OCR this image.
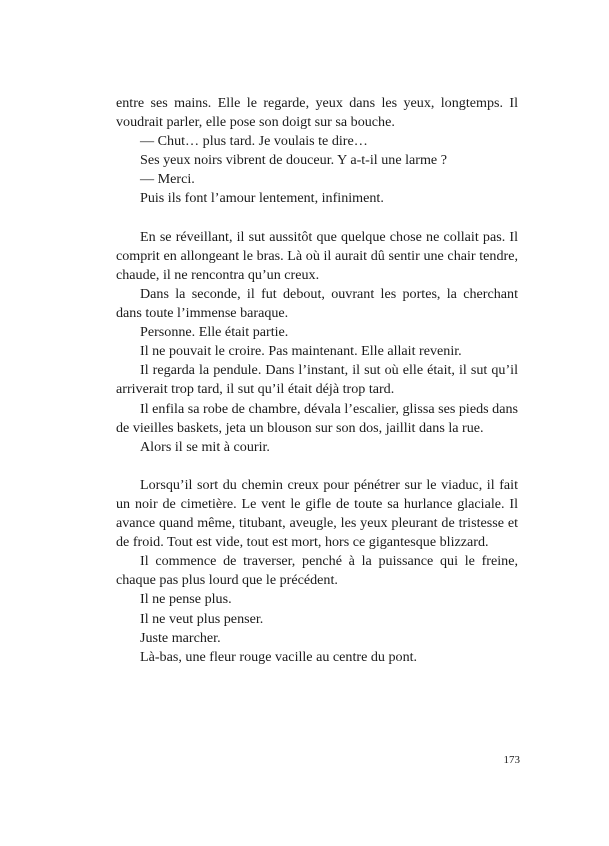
entre ses mains. Elle le regarde, yeux dans les yeux, longtemps. Il voudrait parler, elle pose son doigt sur sa bouche.

— Chut… plus tard. Je voulais te dire…

Ses yeux noirs vibrent de douceur. Y a-t-il une larme ?

— Merci.

Puis ils font l’amour lentement, infiniment.

En se réveillant, il sut aussitôt que quelque chose ne collait pas. Il comprit en allongeant le bras. Là où il aurait dû sentir une chair tendre, chaude, il ne rencontra qu’un creux.

Dans la seconde, il fut debout, ouvrant les portes, la cherchant dans toute l’immense baraque.

Personne. Elle était partie.

Il ne pouvait le croire. Pas maintenant. Elle allait revenir.

Il regarda la pendule. Dans l’instant, il sut où elle était, il sut qu’il arriverait trop tard, il sut qu’il était déjà trop tard.

Il enfila sa robe de chambre, dévala l’escalier, glissa ses pieds dans de vieilles baskets, jeta un blouson sur son dos, jaillit dans la rue.

Alors il se mit à courir.

Lorsqu’il sort du chemin creux pour pénétrer sur le viaduc, il fait un noir de cimetière. Le vent le gifle de toute sa hurlance glaciale. Il avance quand même, titubant, aveugle, les yeux pleurant de tristesse et de froid. Tout est vide, tout est mort, hors ce gigantesque blizzard.

Il commence de traverser, penché à la puissance qui le freine, chaque pas plus lourd que le précédent.

Il ne pense plus.

Il ne veut plus penser.

Juste marcher.

Là-bas, une fleur rouge vacille au centre du pont.

173
